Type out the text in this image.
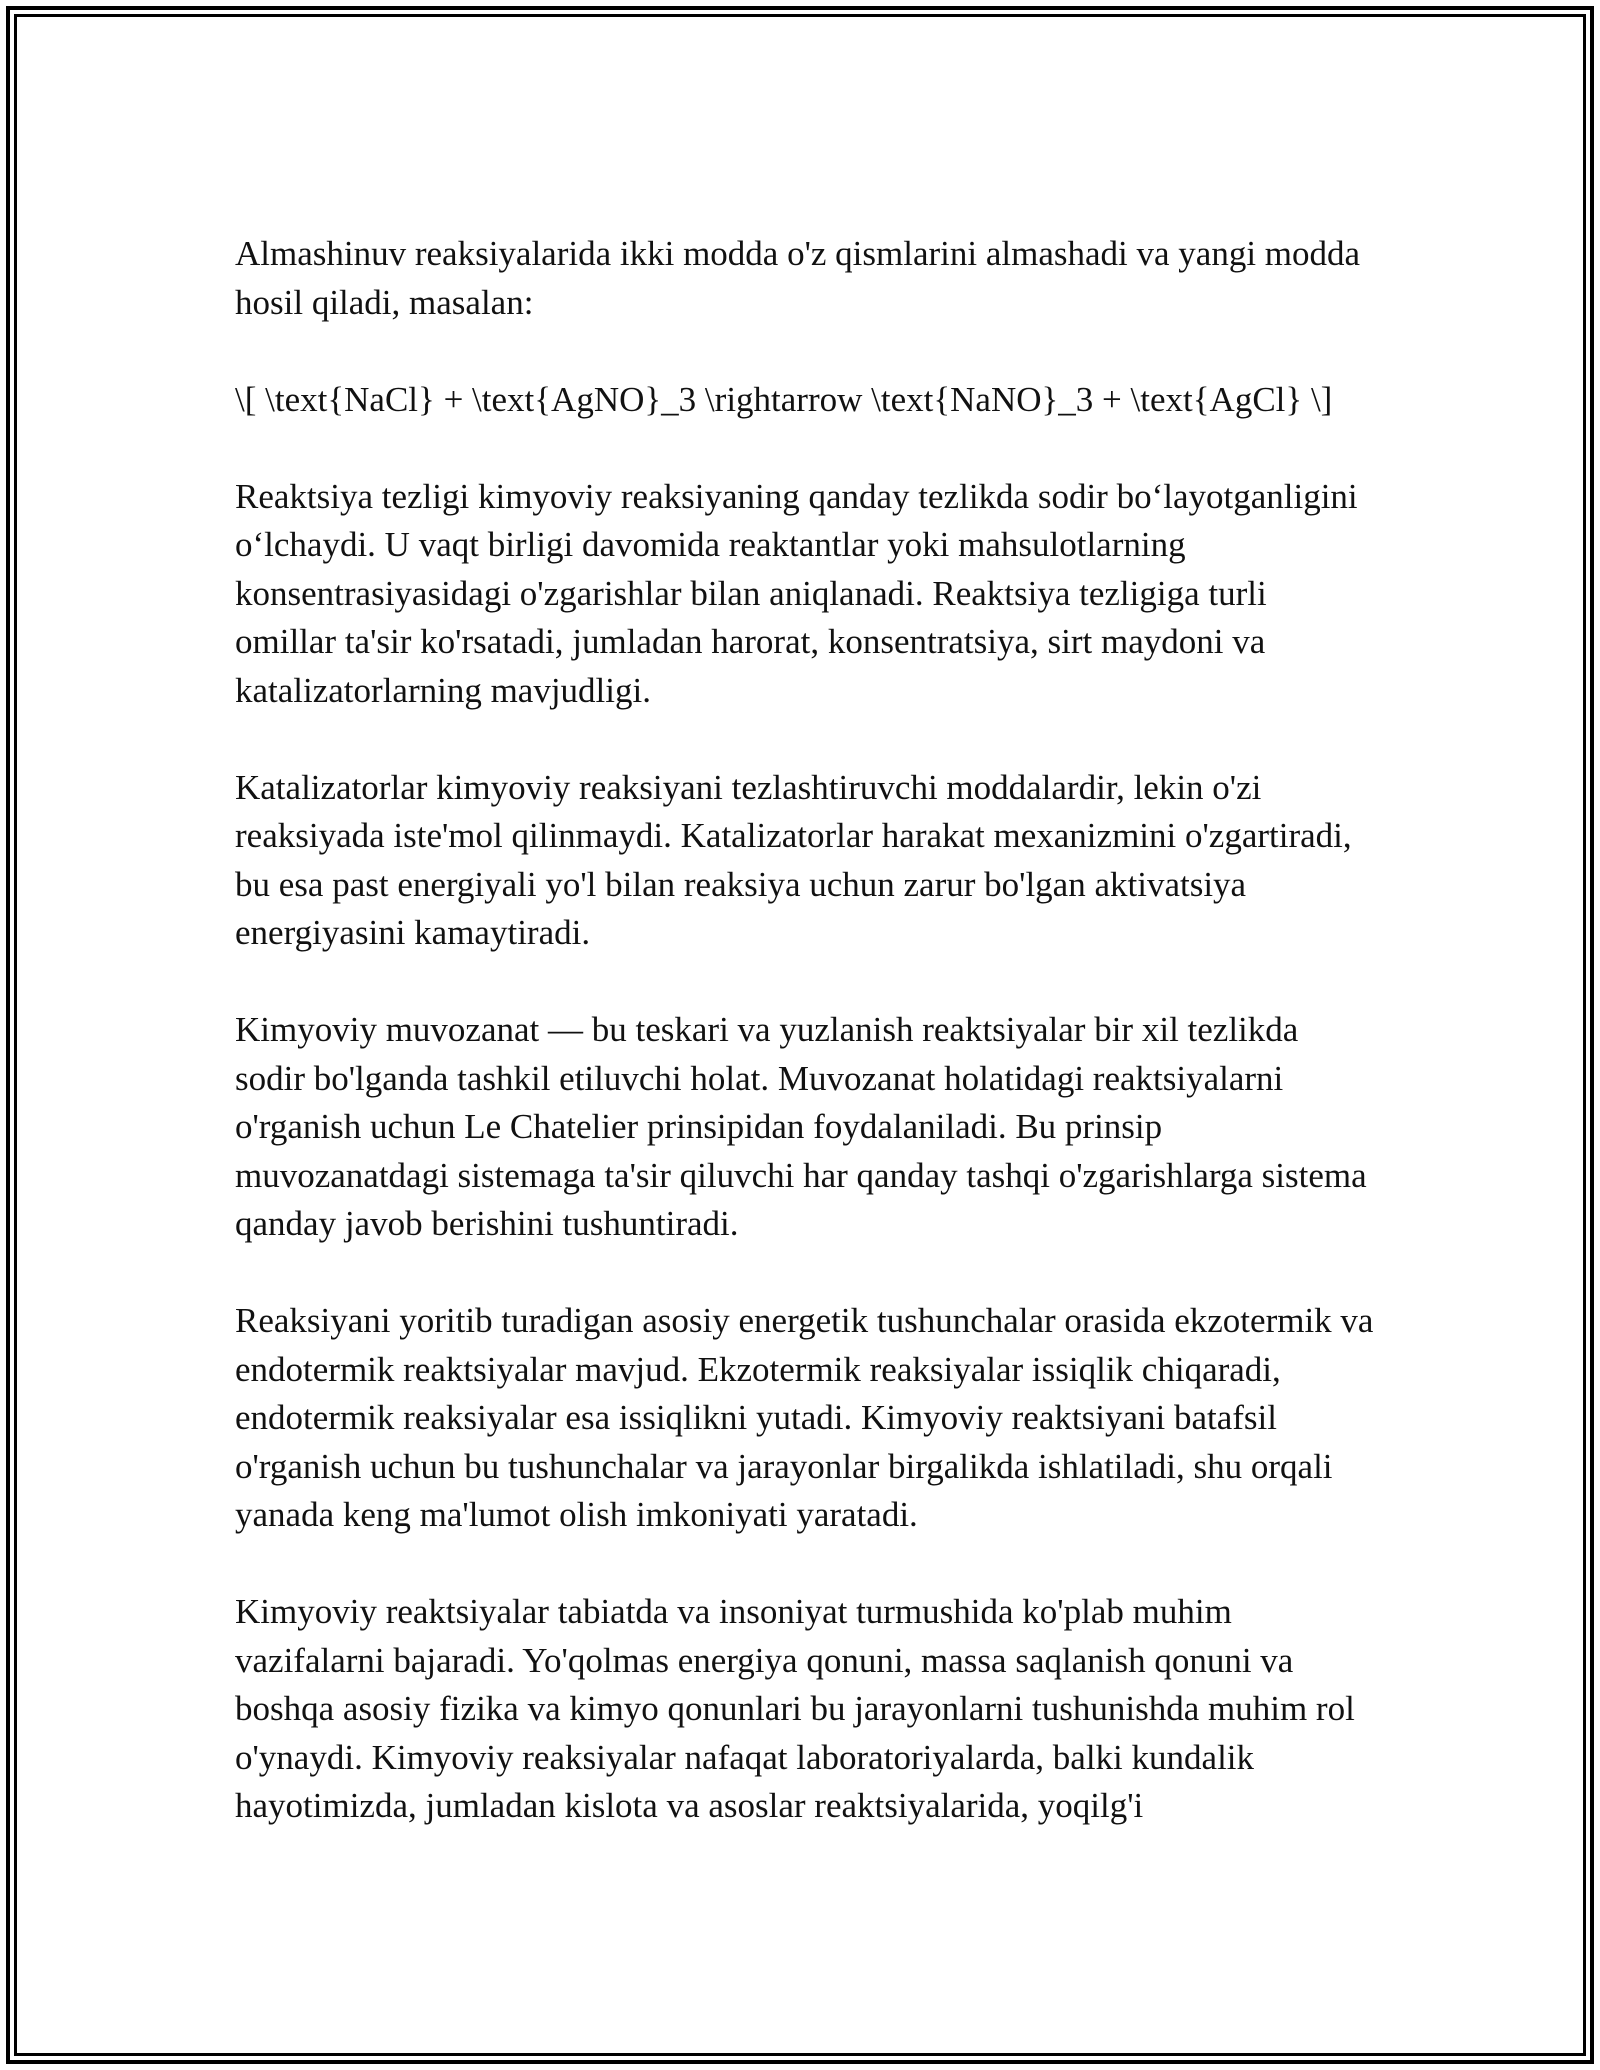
Almashinuv reaksiyalarida ikki modda o'z qismlarini almashadi va yangi modda hosil qiladi, masalan:

\[ \text{NaCl} + \text{AgNO}_3 \rightarrow \text{NaNO}_3 + \text{AgCl} \]

Reaktsiya tezligi kimyoviy reaksiyaning qanday tezlikda sodir boʻlayotganligini oʻlchaydi. U vaqt birligi davomida reaktantlar yoki mahsulotlarning konsentrasiyasidagi o'zgarishlar bilan aniqlanadi. Reaktsiya tezligiga turli omillar ta'sir ko'rsatadi, jumladan harorat, konsentratsiya, sirt maydoni va katalizatorlarning mavjudligi.

Katalizatorlar kimyoviy reaksiyani tezlashtiruvchi moddalardir, lekin o'zi reaksiyada iste'mol qilinmaydi. Katalizatorlar harakat mexanizmini o'zgartiradi, bu esa past energiyali yo'l bilan reaksiya uchun zarur bo'lgan aktivatsiya energiyasini kamaytiradi.

Kimyoviy muvozanat — bu teskari va yuzlanish reaktsiyalar bir xil tezlikda sodir bo'lganda tashkil etiluvchi holat. Muvozanat holatidagi reaktsiyalarni o'rganish uchun Le Chatelier prinsipidan foydalaniladi. Bu prinsip muvozanatdagi sistemaga ta'sir qiluvchi har qanday tashqi o'zgarishlarga sistema qanday javob berishini tushuntiradi.

Reaksiyani yoritib turadigan asosiy energetik tushunchalar orasida ekzotermik va endotermik reaktsiyalar mavjud. Ekzotermik reaksiyalar issiqlik chiqaradi, endotermik reaksiyalar esa issiqlikni yutadi. Kimyoviy reaktsiyani batafsil o'rganish uchun bu tushunchalar va jarayonlar birgalikda ishlatiladi, shu orqali yanada keng ma'lumot olish imkoniyati yaratadi.

Kimyoviy reaktsiyalar tabiatda va insoniyat turmushida ko'plab muhim vazifalarni bajaradi. Yo'qolmas energiya qonuni, massa saqlanish qonuni va boshqa asosiy fizika va kimyo qonunlari bu jarayonlarni tushunishda muhim rol o'ynaydi. Kimyoviy reaksiyalar nafaqat laboratoriyalarda, balki kundalik hayotimizda, jumladan kislota va asoslar reaktsiyalarida, yoqilg'i
